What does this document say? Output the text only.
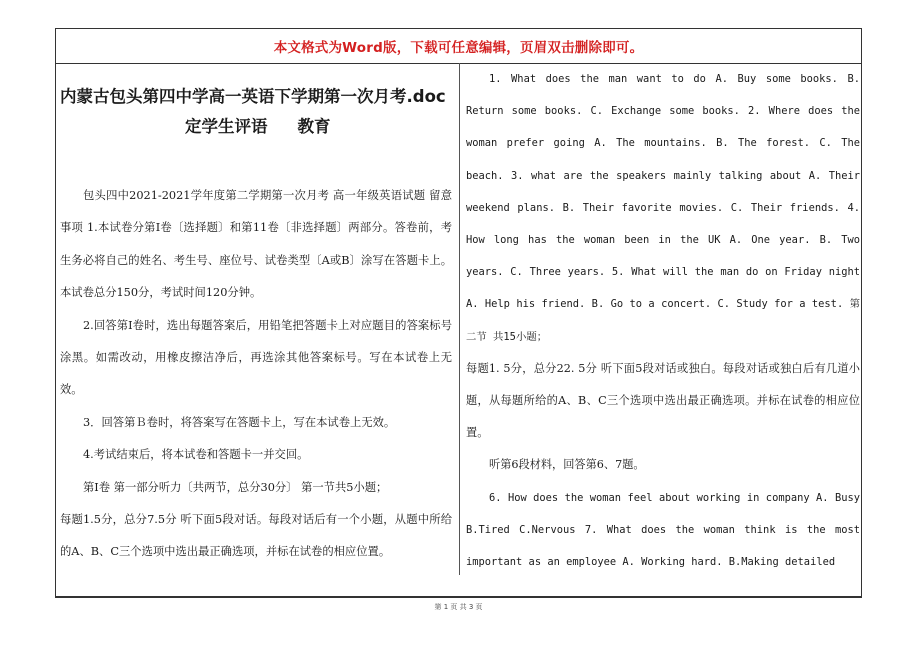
本文格式为Word版，下载可任意编辑，页眉双击删除即可。
内蒙古包头第四中学高一英语下学期第一次月考.doc
定学生评语 教育

包头四中2021-2021学年度第二学期第一次月考 高一年级英语试题 留意事项 1.本试卷分第Ⅰ卷〔选择题〕和第11卷〔非选择题〕两部分。答卷前，考生务必将自己的姓名、考生号、座位号、试卷类型〔A或B〕涂写在答题卡上。本试卷总分150分，考试时间120分钟。

2.回答第Ⅰ卷时，选出每题答案后，用铅笔把答题卡上对应题目的答案标号涂黑。如需改动，用橡皮擦洁净后，再选涂其他答案标号。写在本试卷上无效。

3．回答第Ｂ卷时，将答案写在答题卡上，写在本试卷上无效。

4.考试结束后，将本试卷和答题卡一并交回。

第Ⅰ卷 第一部分听力〔共两节，总分30分〕 第一节共5小题；

每题1.5分，总分7.5分 听下面5段对话。每段对话后有一个小题，从题中所给的A、B、C三个选项中选出最正确选项，并标在试卷的相应位置。

1. What does the man want to do A. Buy some books. B. Return some books. C. Exchange some books. 2. Where does the woman prefer going A. The mountains. B. The forest. C. The beach. 3. what are the speakers mainly talking about A. Their weekend plans. B. Their favorite movies. C. Their friends. 4. How long has the woman been in the UK A. One year. B. Two years. C. Three years. 5. What will the man do on Friday night A. Help his friend. B. Go to a concert. C. Study for a test. 第二节 共15小题；

每题1. 5分，总分22. 5分 听下面5段对话或独白。每段对话或独白后有几道小题，从每题所给的A、B、C三个选项中选出最正确选项。并标在试卷的相应位置。

听第6段材料，回答第6、7题。

6. How does the woman feel about working in company A. Busy B.Tired C.Nervous 7. What does the woman think is the most important as an employee A. Working hard. B.Making detailed

第 1 页 共 3 页
